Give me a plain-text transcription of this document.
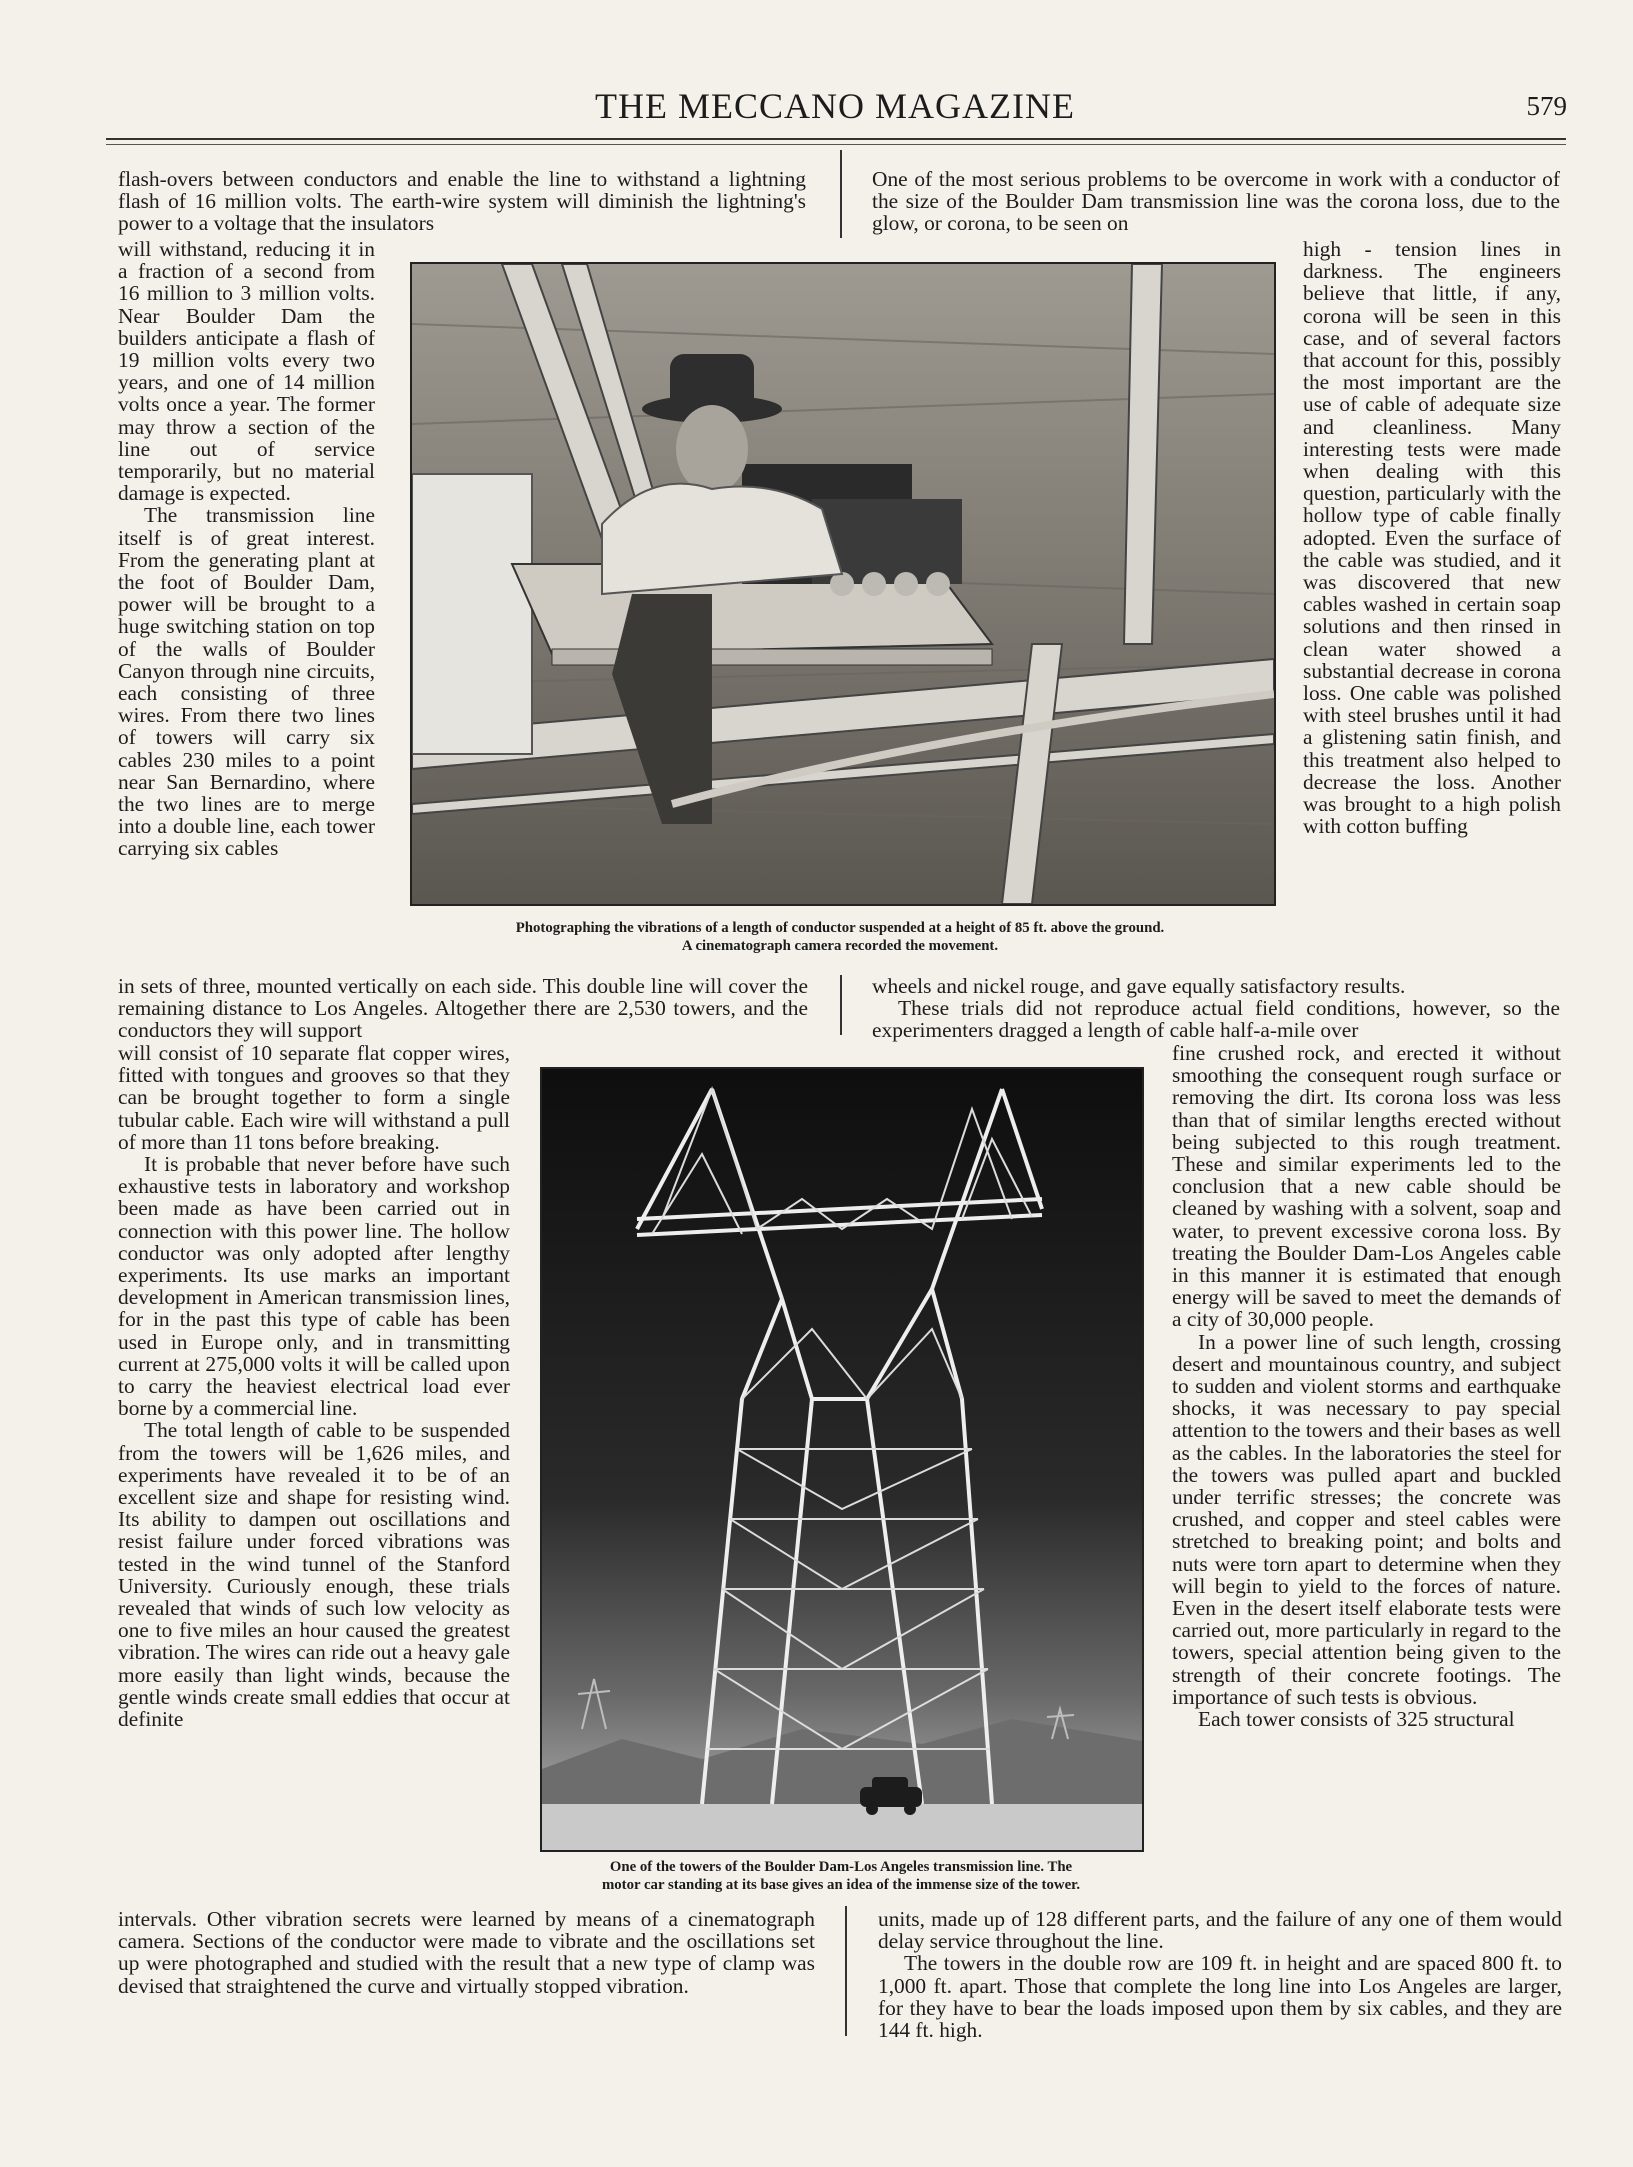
THE MECCANO MAGAZINE	579

flash-overs between conductors and enable the line to withstand a lightning flash of 16 million volts. The earth-wire system will diminish the lightning's power to a voltage that the insulators

will withstand, reducing it in a fraction of a second from 16 million to 3 million volts. Near Boulder Dam the builders anticipate a flash of 19 million volts every two years, and one of 14 million volts once a year. The former may throw a section of the line out of service temporarily, but no material damage is expected.

The transmission line itself is of great interest. From the generating plant at the foot of Boulder Dam, power will be brought to a huge switching station on top of the walls of Boulder Canyon through nine circuits, each consisting of three wires. From there two lines of towers will carry six cables 230 miles to a point near San Bernardino, where the two lines are to merge into a double line, each tower carrying six cables

in sets of three, mounted vertically on each side. This double line will cover the remaining distance to Los Angeles. Altogether there are 2,530 towers, and the conductors they will support

will consist of 10 separate flat copper wires, fitted with tongues and grooves so that they can be brought together to form a single tubular cable. Each wire will withstand a pull of more than 11 tons before breaking.

It is probable that never before have such exhaustive tests in laboratory and workshop been made as have been carried out in connection with this power line. The hollow conductor was only adopted after lengthy experiments. Its use marks an important development in American transmission lines, for in the past this type of cable has been used in Europe only, and in transmitting current at 275,000 volts it will be called upon to carry the heaviest electrical load ever borne by a commercial line.

The total length of cable to be suspended from the towers will be 1,626 miles, and experiments have revealed it to be of an excellent size and shape for resisting wind. Its ability to dampen out oscillations and resist failure under forced vibrations was tested in the wind tunnel of the Stanford University. Curiously enough, these trials revealed that winds of such low velocity as one to five miles an hour caused the greatest vibration. The wires can ride out a heavy gale more easily than light winds, because the gentle winds create small eddies that occur at definite

intervals. Other vibration secrets were learned by means of a cinematograph camera. Sections of the conductor were made to vibrate and the oscillations set up were photographed and studied with the result that a new type of clamp was devised that straightened the curve and virtually stopped vibration.

One of the most serious problems to be overcome in work with a conductor of the size of the Boulder Dam transmission line was the corona loss, due to the glow, or corona, to be seen on

high - tension lines in darkness. The engineers believe that little, if any, corona will be seen in this case, and of several factors that account for this, possibly the most important are the use of cable of adequate size and cleanliness. Many interesting tests were made when dealing with this question, particularly with the hollow type of cable finally adopted. Even the surface of the cable was studied, and it was discovered that new cables washed in certain soap solutions and then rinsed in clean water showed a substantial decrease in corona loss. One cable was polished with steel brushes until it had a glistening satin finish, and this treatment also helped to decrease the loss. Another was brought to a high polish with cotton buffing

wheels and nickel rouge, and gave equally satisfactory results.

These trials did not reproduce actual field conditions, however, so the experimenters dragged a length of cable half-a-mile over

fine crushed rock, and erected it without smoothing the consequent rough surface or removing the dirt. Its corona loss was less than that of similar lengths erected without being subjected to this rough treatment. These and similar experiments led to the conclusion that a new cable should be cleaned by washing with a solvent, soap and water, to prevent excessive corona loss. By treating the Boulder Dam-Los Angeles cable in this manner it is estimated that enough energy will be saved to meet the demands of a city of 30,000 people.

In a power line of such length, crossing desert and mountainous country, and subject to sudden and violent storms and earthquake shocks, it was necessary to pay special attention to the towers and their bases as well as the cables. In the laboratories the steel for the towers was pulled apart and buckled under terrific stresses; the concrete was crushed, and copper and steel cables were stretched to breaking point; and bolts and nuts were torn apart to determine when they will begin to yield to the forces of nature. Even in the desert itself elaborate tests were carried out, more particularly in regard to the towers, special attention being given to the strength of their concrete footings. The importance of such tests is obvious.

Each tower consists of 325 structural

units, made up of 128 different parts, and the failure of any one of them would delay service throughout the line.

The towers in the double row are 109 ft. in height and are spaced 800 ft. to 1,000 ft. apart. Those that complete the long line into Los Angeles are larger, for they have to bear the loads imposed upon them by six cables, and they are 144 ft. high.

Photographing the vibrations of a length of conductor suspended at a height of 85 ft. above the ground.
A cinematograph camera recorded the movement.
One of the towers of the Boulder Dam-Los Angeles transmission line. The
motor car standing at its base gives an idea of the immense size of the tower.
